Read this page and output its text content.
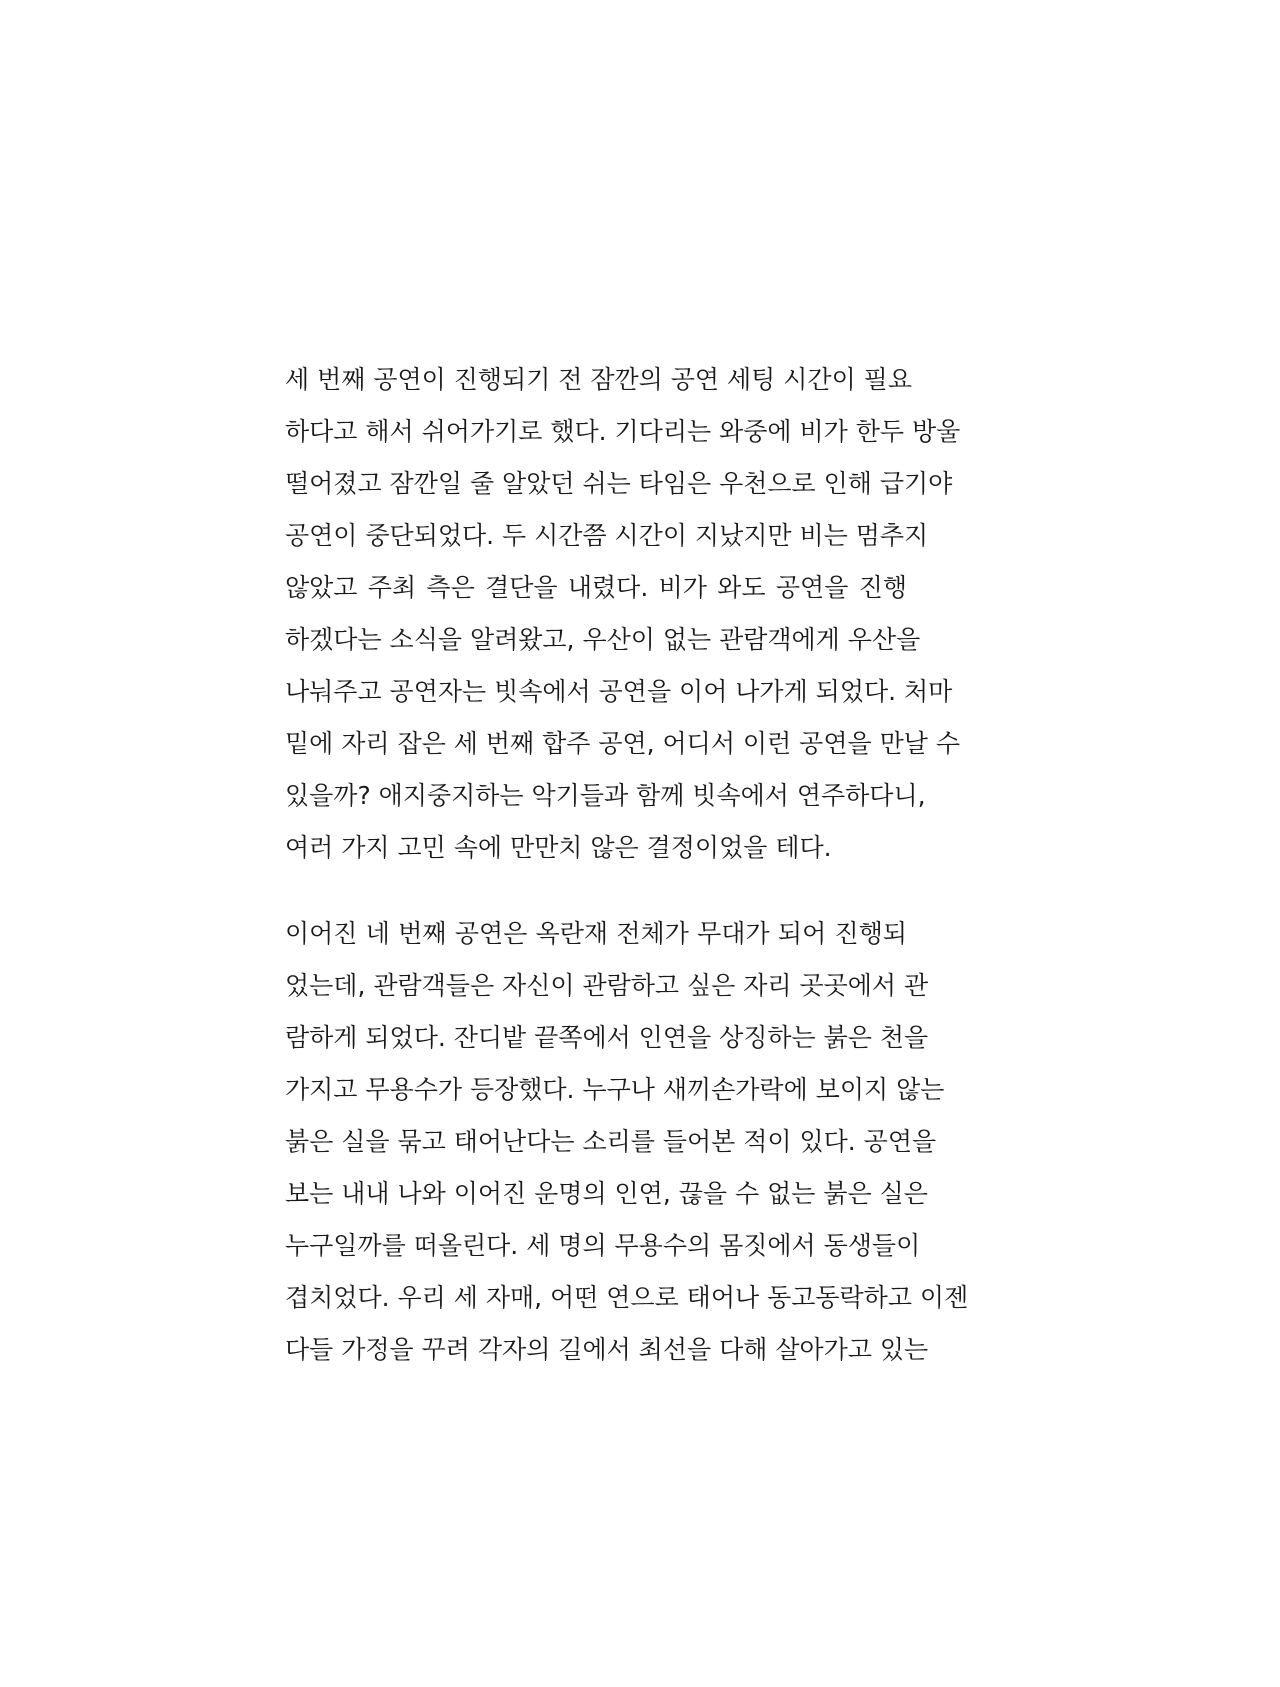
세 번째 공연이 진행되기 전 잠깐의 공연 세팅 시간이 필요
하다고 해서 쉬어가기로 했다. 기다리는 와중에 비가 한두 방울
떨어졌고 잠깐일 줄 알았던 쉬는 타임은 우천으로 인해 급기야
공연이 중단되었다. 두 시간쯤 시간이 지났지만 비는 멈추지
않았고 주최 측은 결단을 내렸다. 비가 와도 공연을 진행
하겠다는 소식을 알려왔고, 우산이 없는 관람객에게 우산을
나눠주고 공연자는 빗속에서 공연을 이어 나가게 되었다. 처마
밑에 자리 잡은 세 번째 합주 공연, 어디서 이런 공연을 만날 수
있을까? 애지중지하는 악기들과 함께 빗속에서 연주하다니,
여러 가지 고민 속에 만만치 않은 결정이었을 테다.
이어진 네 번째 공연은 옥란재 전체가 무대가 되어 진행되
었는데, 관람객들은 자신이 관람하고 싶은 자리 곳곳에서 관
람하게 되었다. 잔디밭 끝쪽에서 인연을 상징하는 붉은 천을
가지고 무용수가 등장했다. 누구나 새끼손가락에 보이지 않는
붉은 실을 묶고 태어난다는 소리를 들어본 적이 있다. 공연을
보는 내내 나와 이어진 운명의 인연, 끊을 수 없는 붉은 실은
누구일까를 떠올린다. 세 명의 무용수의 몸짓에서 동생들이
겹치었다. 우리 세 자매, 어떤 연으로 태어나 동고동락하고 이젠
다들 가정을 꾸려 각자의 길에서 최선을 다해 살아가고 있는
